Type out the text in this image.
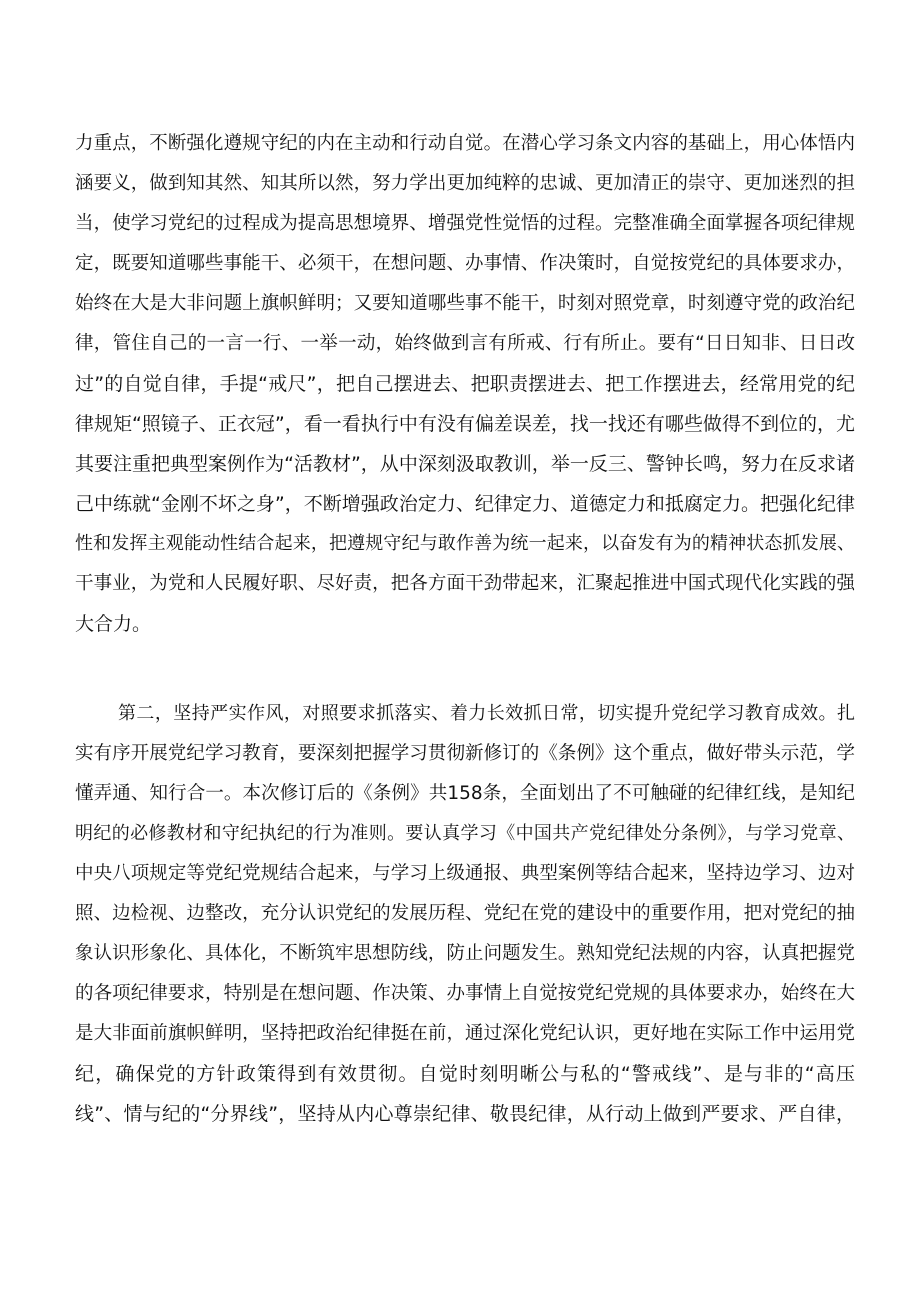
力重点，不断强化遵规守纪的内在主动和行动自觉。在潜心学习条文内容的基础上，用心体悟内
涵要义，做到知其然、知其所以然，努力学出更加纯粹的忠诚、更加清正的崇守、更加迷烈的担
当，使学习党纪的过程成为提高思想境界、增强党性觉悟的过程。完整准确全面掌握各项纪律规
定，既要知道哪些事能干、必须干，在想问题、办事情、作决策时，自觉按党纪的具体要求办，
始终在大是大非问题上旗帜鲜明；又要知道哪些事不能干，时刻对照党章，时刻遵守党的政治纪
律，管住自己的一言一行、一举一动，始终做到言有所戒、行有所止。要有“日日知非、日日改
过”的自觉自律，手提“戒尺”，把自己摆进去、把职责摆进去、把工作摆进去，经常用党的纪
律规矩“照镜子、正衣冠”，看一看执行中有没有偏差误差，找一找还有哪些做得不到位的，尤
其要注重把典型案例作为“活教材”，从中深刻汲取教训，举一反三、警钟长鸣，努力在反求诸
己中练就“金刚不坏之身”，不断增强政治定力、纪律定力、道德定力和抵腐定力。把强化纪律
性和发挥主观能动性结合起来，把遵规守纪与敢作善为统一起来，以奋发有为的精神状态抓发展、
干事业，为党和人民履好职、尽好责，把各方面干劲带起来，汇聚起推进中国式现代化实践的强
大合力。
第二，坚持严实作风，对照要求抓落实、着力长效抓日常，切实提升党纪学习教育成效。扎
实有序开展党纪学习教育，要深刻把握学习贯彻新修订的《条例》这个重点，做好带头示范，学
懂弄通、知行合一。本次修订后的《条例》共158条，全面划出了不可触碰的纪律红线，是知纪
明纪的必修教材和守纪执纪的行为准则。要认真学习《中国共产党纪律处分条例》，与学习党章、
中央八项规定等党纪党规结合起来，与学习上级通报、典型案例等结合起来，坚持边学习、边对
照、边检视、边整改，充分认识党纪的发展历程、党纪在党的建设中的重要作用，把对党纪的抽
象认识形象化、具体化，不断筑牢思想防线，防止问题发生。熟知党纪法规的内容，认真把握党
的各项纪律要求，特别是在想问题、作决策、办事情上自觉按党纪党规的具体要求办，始终在大
是大非面前旗帜鲜明，坚持把政治纪律挺在前，通过深化党纪认识，更好地在实际工作中运用党
纪，确保党的方针政策得到有效贯彻。自觉时刻明晰公与私的“警戒线”、是与非的“高压
线”、情与纪的“分界线”，坚持从内心尊崇纪律、敬畏纪律，从行动上做到严要求、严自律，
